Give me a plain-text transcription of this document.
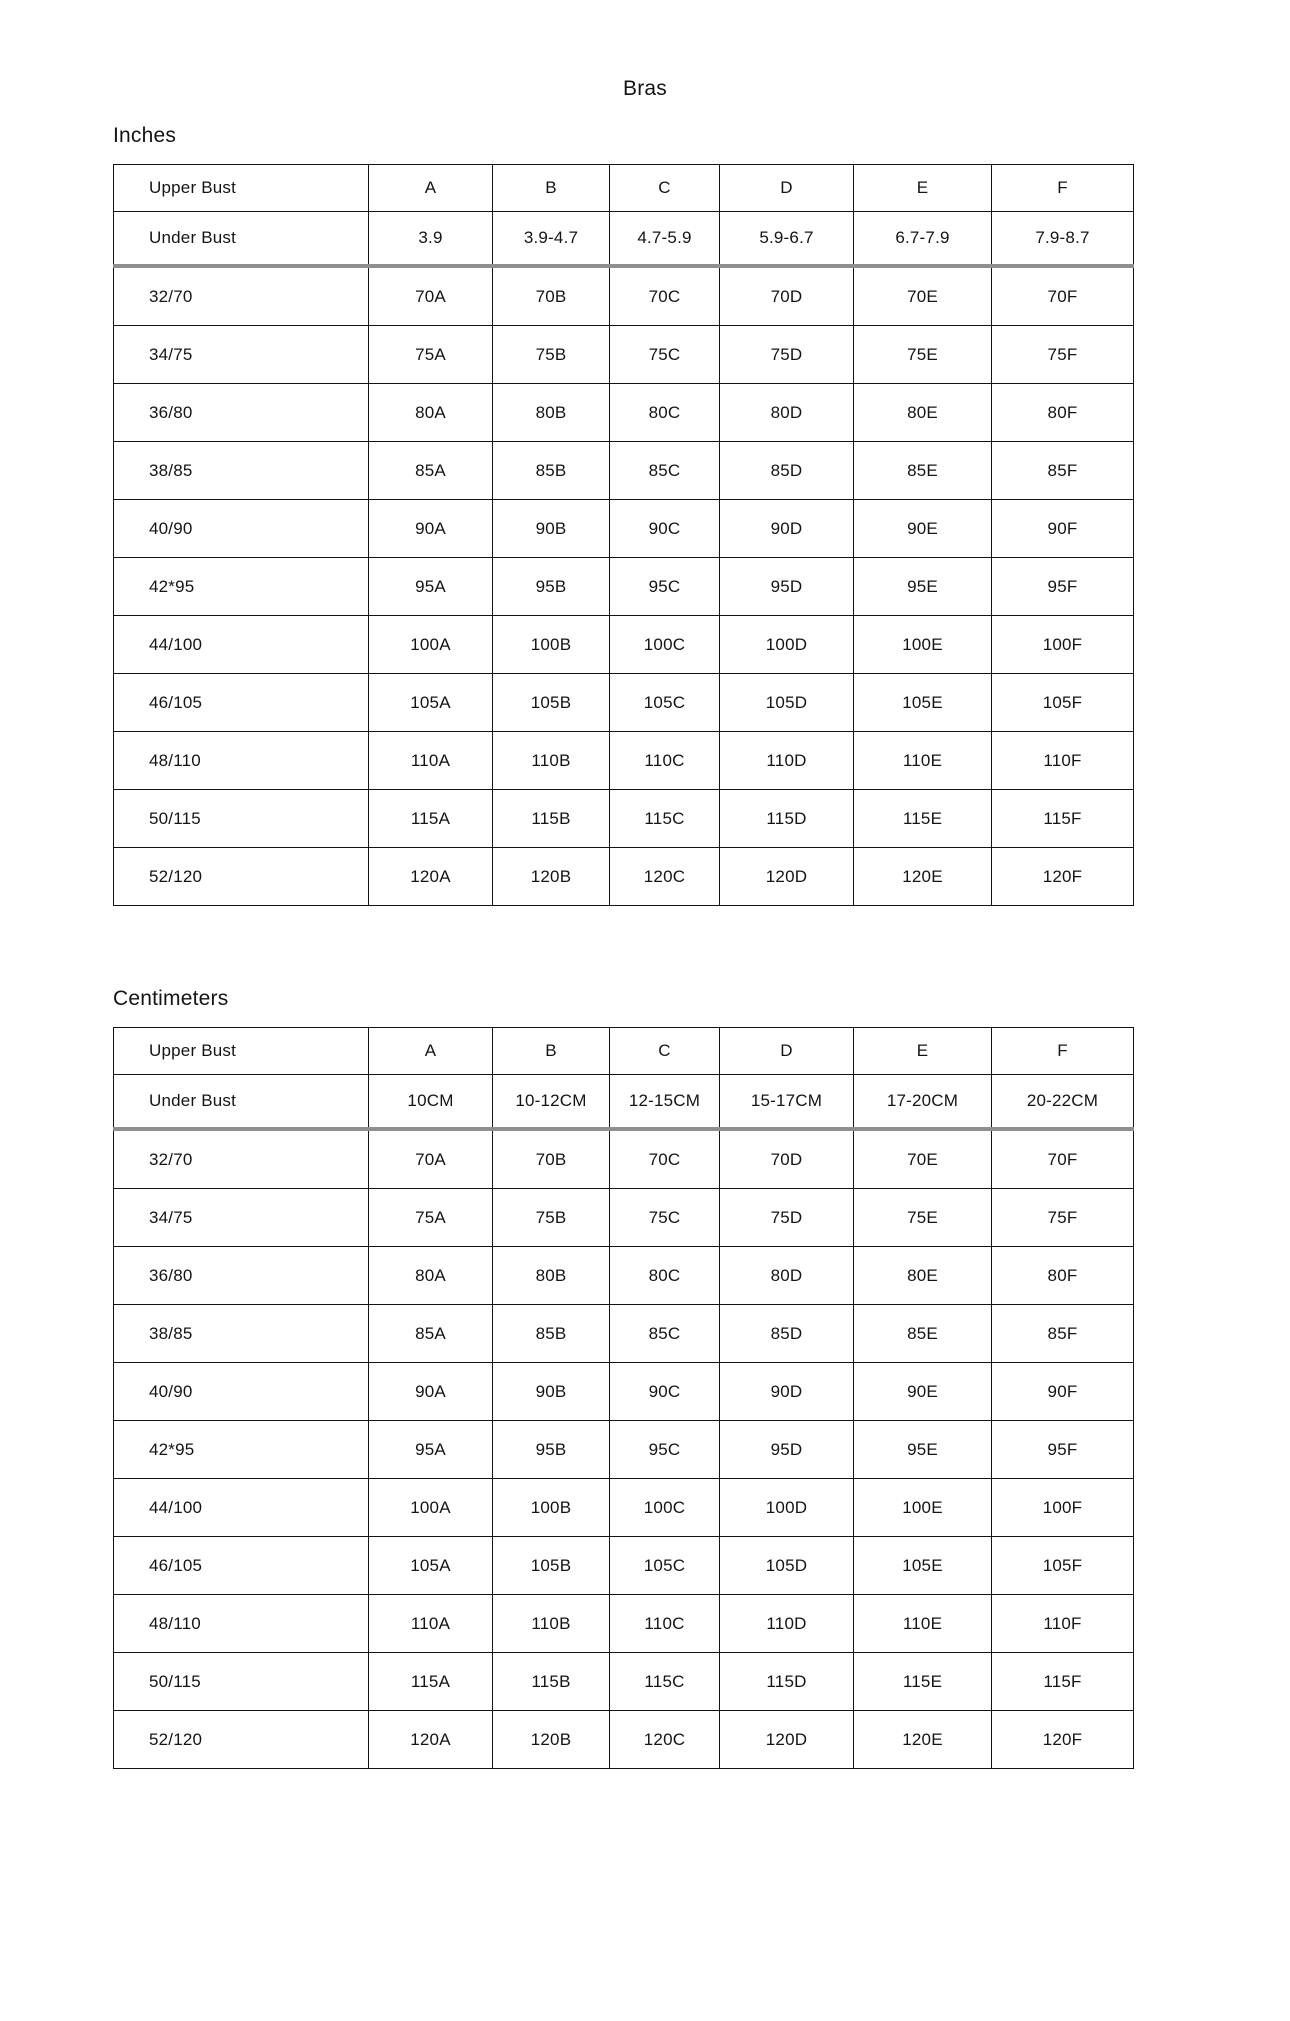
Bras
Inches
Upper Bust	A	B	C	D	E	F
Under Bust	3.9	3.9-4.7	4.7-5.9	5.9-6.7	6.7-7.9	7.9-8.7
32/70	70A	70B	70C	70D	70E	70F
34/75	75A	75B	75C	75D	75E	75F
36/80	80A	80B	80C	80D	80E	80F
38/85	85A	85B	85C	85D	85E	85F
40/90	90A	90B	90C	90D	90E	90F
42*95	95A	95B	95C	95D	95E	95F
44/100	100A	100B	100C	100D	100E	100F
46/105	105A	105B	105C	105D	105E	105F
48/110	110A	110B	110C	110D	110E	110F
50/115	115A	115B	115C	115D	115E	115F
52/120	120A	120B	120C	120D	120E	120F
Centimeters
Upper Bust	A	B	C	D	E	F
Under Bust	10CM	10-12CM	12-15CM	15-17CM	17-20CM	20-22CM
32/70	70A	70B	70C	70D	70E	70F
34/75	75A	75B	75C	75D	75E	75F
36/80	80A	80B	80C	80D	80E	80F
38/85	85A	85B	85C	85D	85E	85F
40/90	90A	90B	90C	90D	90E	90F
42*95	95A	95B	95C	95D	95E	95F
44/100	100A	100B	100C	100D	100E	100F
46/105	105A	105B	105C	105D	105E	105F
48/110	110A	110B	110C	110D	110E	110F
50/115	115A	115B	115C	115D	115E	115F
52/120	120A	120B	120C	120D	120E	120F
